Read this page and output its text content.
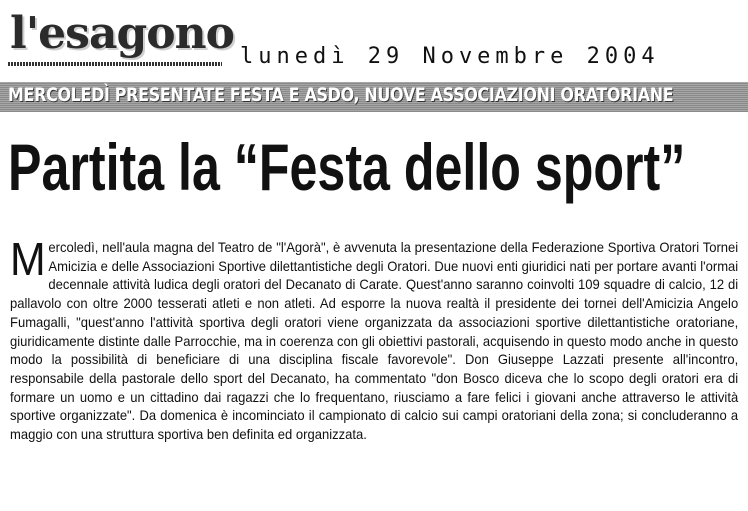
l'esagono lunedì 29 Novembre 2004
MERCOLEDÌ PRESENTATE FESTA E ASDO, NUOVE ASSOCIAZIONI ORATORIANE
Partita la “Festa dello sport”
Mercoledì, nell'aula magna del Teatro de "l'Agorà", è avvenuta la presentazione della Federazione Sportiva Oratori Tornei Amicizia e delle Associazioni Sportive dilettantistiche degli Oratori. Due nuovi enti giuridici nati per portare avanti l'ormai decennale attività ludica degli oratori del Decanato di Carate. Quest'anno saranno coinvolti 109 squadre di calcio, 12 di pallavolo con oltre 2000 tesserati atleti e non atleti. Ad esporre la nuova realtà il presidente dei tornei dell'Amicizia Angelo Fumagalli, "quest'anno l'attività sportiva degli oratori viene organizzata da associazioni sportive dilettantistiche oratoriane, giuridicamente distinte dalle Parrocchie, ma in coerenza con gli obiettivi pastorali, acquisendo in questo modo anche in questo modo la possibilità di beneficiare di una disciplina fiscale favorevole". Don Giuseppe Lazzati presente all'incontro, responsabile della pastorale dello sport del Decanato, ha commentato "don Bosco diceva che lo scopo degli oratori era di formare un uomo e un cittadino dai ragazzi che lo frequentano, riusciamo a fare felici i giovani anche attraverso le attività sportive organizzate". Da domenica è incominciato il campionato di calcio sui campi oratoriani della zona; si concluderanno a maggio con una struttura sportiva ben definita ed organizzata.
